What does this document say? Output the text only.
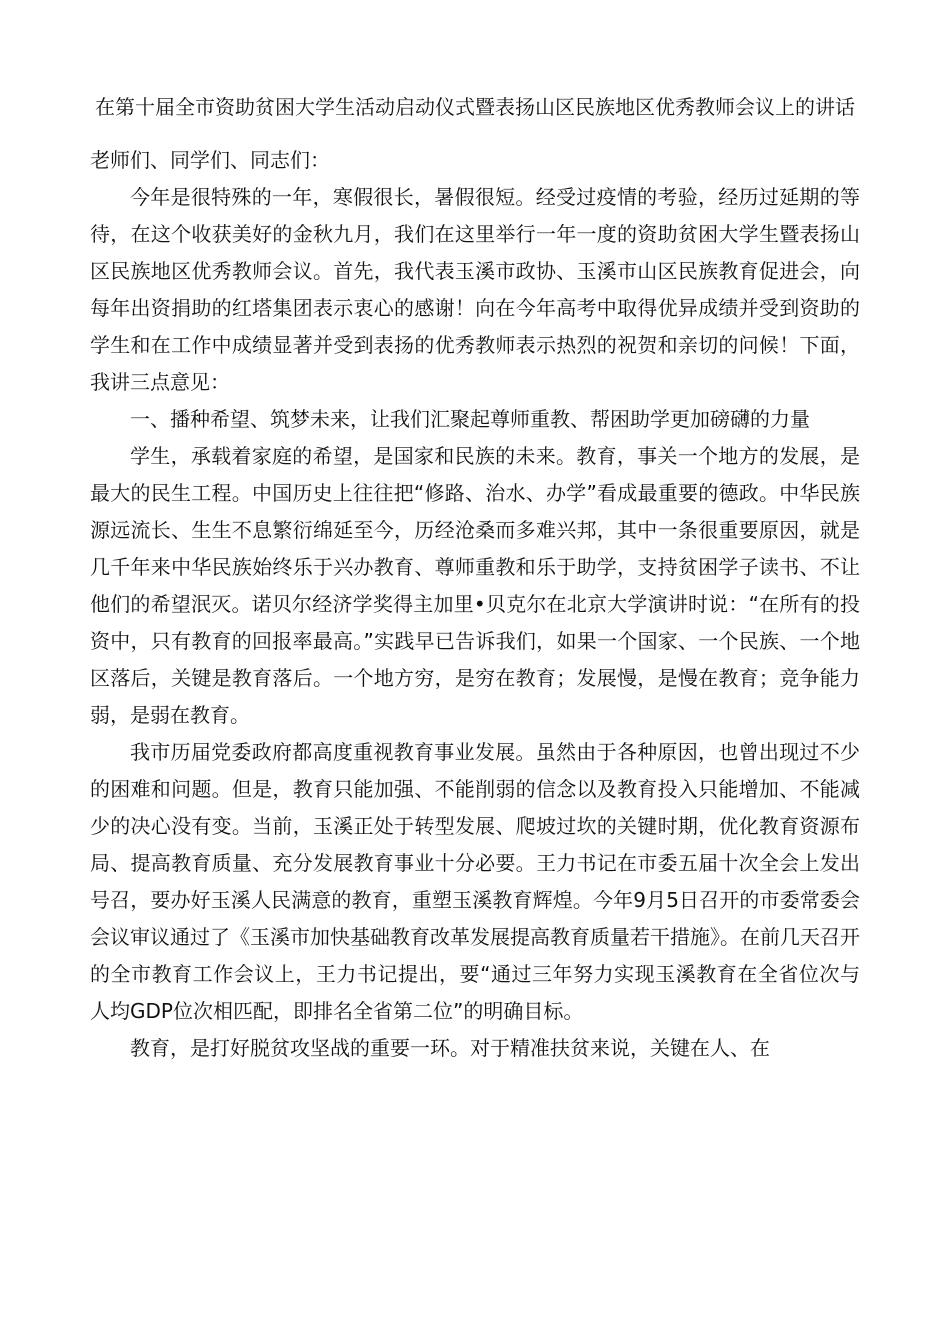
在第十届全市资助贫困大学生活动启动仪式暨表扬山区民族地区优秀教师会议上的讲话

老师们、同学们、同志们：

今年是很特殊的一年，寒假很长，暑假很短。经受过疫情的考验，经历过延期的等待，在这个收获美好的金秋九月，我们在这里举行一年一度的资助贫困大学生暨表扬山区民族地区优秀教师会议。首先，我代表玉溪市政协、玉溪市山区民族教育促进会，向每年出资捐助的红塔集团表示衷心的感谢！向在今年高考中取得优异成绩并受到资助的学生和在工作中成绩显著并受到表扬的优秀教师表示热烈的祝贺和亲切的问候！下面，我讲三点意见：

一、播种希望、筑梦未来，让我们汇聚起尊师重教、帮困助学更加磅礴的力量

学生，承载着家庭的希望，是国家和民族的未来。教育，事关一个地方的发展，是最大的民生工程。中国历史上往往把“修路、治水、办学”看成最重要的德政。中华民族源远流长、生生不息繁衍绵延至今，历经沧桑而多难兴邦，其中一条很重要原因，就是几千年来中华民族始终乐于兴办教育、尊师重教和乐于助学，支持贫困学子读书、不让他们的希望泯灭。诺贝尔经济学奖得主加里•贝克尔在北京大学演讲时说：“在所有的投资中，只有教育的回报率最高。”实践早已告诉我们，如果一个国家、一个民族、一个地区落后，关键是教育落后。一个地方穷，是穷在教育；发展慢，是慢在教育；竞争能力弱，是弱在教育。

我市历届党委政府都高度重视教育事业发展。虽然由于各种原因，也曾出现过不少的困难和问题。但是，教育只能加强、不能削弱的信念以及教育投入只能增加、不能减少的决心没有变。当前，玉溪正处于转型发展、爬坡过坎的关键时期，优化教育资源布局、提高教育质量、充分发展教育事业十分必要。王力书记在市委五届十次全会上发出号召，要办好玉溪人民满意的教育，重塑玉溪教育辉煌。今年9月5日召开的市委常委会会议审议通过了《玉溪市加快基础教育改革发展提高教育质量若干措施》。在前几天召开的全市教育工作会议上，王力书记提出，要“通过三年努力实现玉溪教育在全省位次与人均GDP位次相匹配，即排名全省第二位”的明确目标。

教育，是打好脱贫攻坚战的重要一环。对于精准扶贫来说，关键在人、在
